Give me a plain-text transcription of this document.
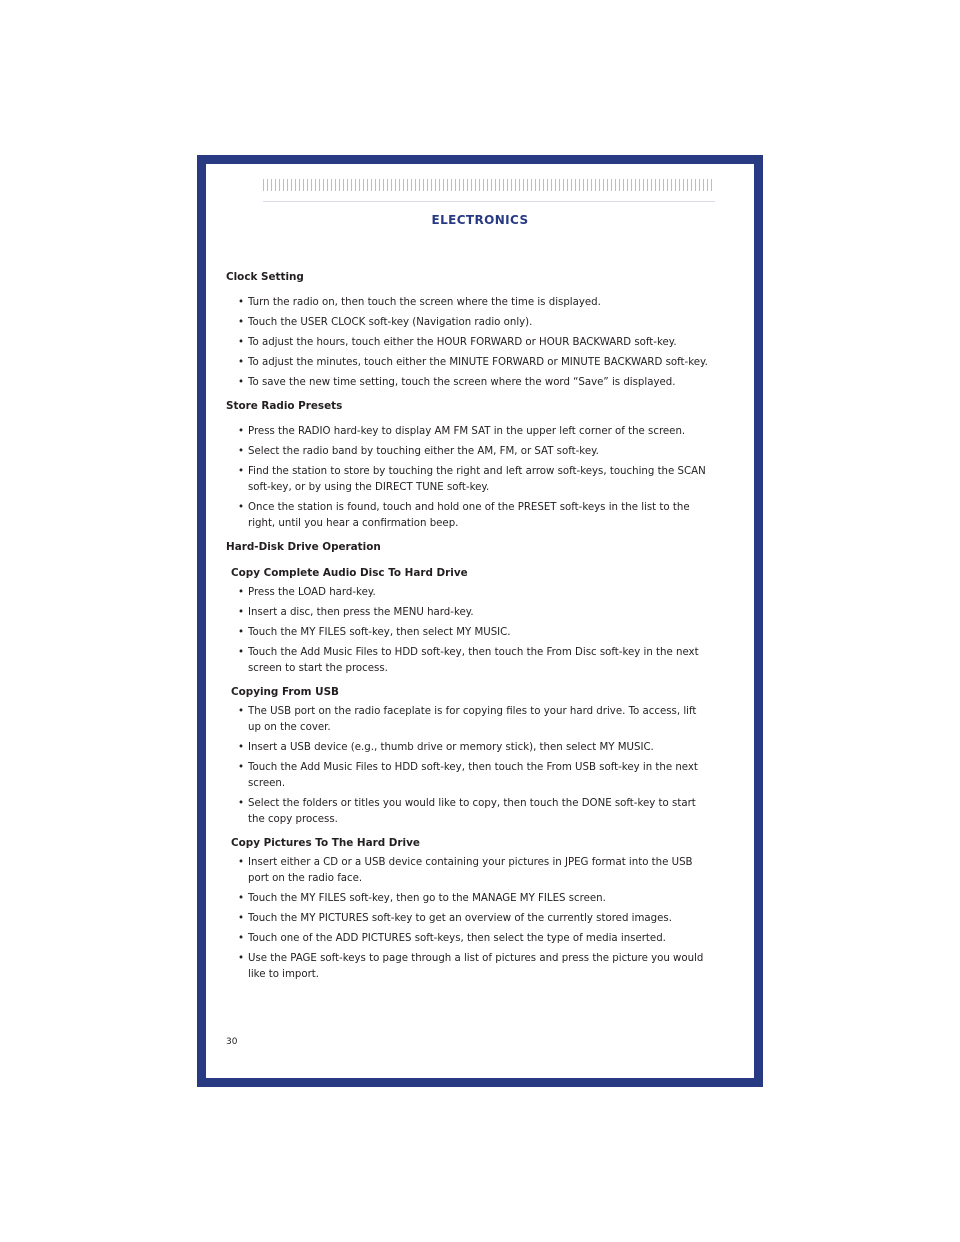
ELECTRONICS
Clock Setting
• Turn the radio on, then touch the screen where the time is displayed.
• Touch the USER CLOCK soft-key (Navigation radio only).
• To adjust the hours, touch either the HOUR FORWARD or HOUR BACKWARD soft-key.
• To adjust the minutes, touch either the MINUTE FORWARD or MINUTE BACKWARD soft-key.
• To save the new time setting, touch the screen where the word “Save” is displayed.
Store Radio Presets
• Press the RADIO hard-key to display AM FM SAT in the upper left corner of the screen.
• Select the radio band by touching either the AM, FM, or SAT soft-key.
• Find the station to store by touching the right and left arrow soft-keys, touching the SCAN soft-key, or by using the DIRECT TUNE soft-key.
• Once the station is found, touch and hold one of the PRESET soft-keys in the list to the right, until you hear a confirmation beep.
Hard-Disk Drive Operation
Copy Complete Audio Disc To Hard Drive
• Press the LOAD hard-key.
• Insert a disc, then press the MENU hard-key.
• Touch the MY FILES soft-key, then select MY MUSIC.
• Touch the Add Music Files to HDD soft-key, then touch the From Disc soft-key in the next screen to start the process.
Copying From USB
• The USB port on the radio faceplate is for copying files to your hard drive. To access, lift up on the cover.
• Insert a USB device (e.g., thumb drive or memory stick), then select MY MUSIC.
• Touch the Add Music Files to HDD soft-key, then touch the From USB soft-key in the next screen.
• Select the folders or titles you would like to copy, then touch the DONE soft-key to start the copy process.
Copy Pictures To The Hard Drive
• Insert either a CD or a USB device containing your pictures in JPEG format into the USB port on the radio face.
• Touch the MY FILES soft-key, then go to the MANAGE MY FILES screen.
• Touch the MY PICTURES soft-key to get an overview of the currently stored images.
• Touch one of the ADD PICTURES soft-keys, then select the type of media inserted.
• Use the PAGE soft-keys to page through a list of pictures and press the picture you would like to import.
30
